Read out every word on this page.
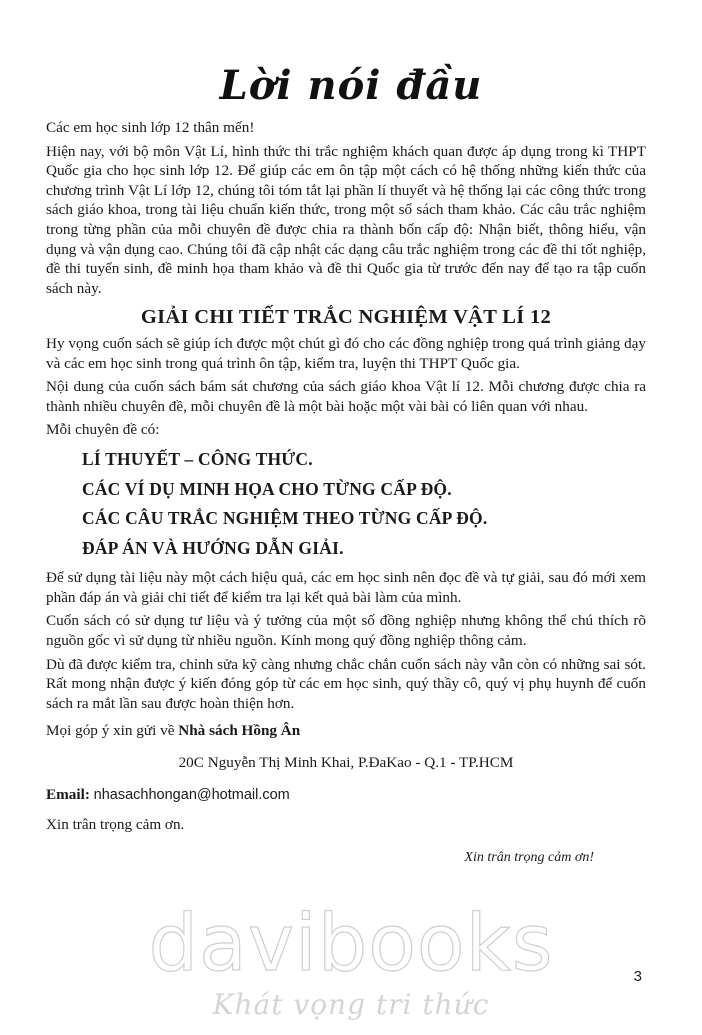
Lời nói đầu

Các em học sinh lớp 12 thân mến!

Hiện nay, với bộ môn Vật Lí, hình thức thi trắc nghiệm khách quan được áp dụng trong kì THPT Quốc gia cho học sinh lớp 12. Để giúp các em ôn tập một cách có hệ thống những kiến thức của chương trình Vật Lí lớp 12, chúng tôi tóm tắt lại phần lí thuyết và hệ thống lại các công thức trong sách giáo khoa, trong tài liệu chuẩn kiến thức, trong một số sách tham khảo. Các câu trắc nghiệm trong từng phần của mỗi chuyên đề được chia ra thành bốn cấp độ: Nhận biết, thông hiểu, vận dụng và vận dụng cao. Chúng tôi đã cập nhật các dạng câu trắc nghiệm trong các đề thi tốt nghiệp, đề thi tuyển sinh, đề minh họa tham khảo và đề thi Quốc gia từ trước đến nay để tạo ra tập cuốn sách này.

GIẢI CHI TIẾT TRẮC NGHIỆM VẬT LÍ 12

Hy vọng cuốn sách sẽ giúp ích được một chút gì đó cho các đồng nghiệp trong quá trình giảng dạy và các em học sinh trong quá trình ôn tập, kiểm tra, luyện thi THPT Quốc gia.

Nội dung của cuốn sách bám sát chương của sách giáo khoa Vật lí 12. Mỗi chương được chia ra thành nhiều chuyên đề, mỗi chuyên đề là một bài hoặc một vài bài có liên quan với nhau.

Mỗi chuyên đề có:

LÍ THUYẾT – CÔNG THỨC.

CÁC VÍ DỤ MINH HỌA CHO TỪNG CẤP ĐỘ.

CÁC CÂU TRẮC NGHIỆM THEO TỪNG CẤP ĐỘ.

ĐÁP ÁN VÀ HƯỚNG DẪN GIẢI.

Để sử dụng tài liệu này một cách hiệu quả, các em học sinh nên đọc đề và tự giải, sau đó mới xem phần đáp án và giải chi tiết để kiểm tra lại kết quả bài làm của mình.

Cuốn sách có sử dụng tư liệu và ý tưởng của một số đồng nghiệp nhưng không thể chú thích rõ nguồn gốc vì sử dụng từ nhiều nguồn. Kính mong quý đồng nghiệp thông cảm.

Dù đã được kiểm tra, chỉnh sửa kỹ càng nhưng chắc chắn cuốn sách này vẫn còn có những sai sót. Rất mong nhận được ý kiến đóng góp từ các em học sinh, quý thầy cô, quý vị phụ huynh để cuốn sách ra mắt lần sau được hoàn thiện hơn.

Mọi góp ý xin gửi về Nhà sách Hồng Ân

20C Nguyễn Thị Minh Khai, P.ĐaKao - Q.1 - TP.HCM

Email: nhasachhongan@hotmail.com

Xin trân trọng cảm ơn.

Xin trân trọng cảm ơn!
3
davibooks
Khát vọng tri thức
